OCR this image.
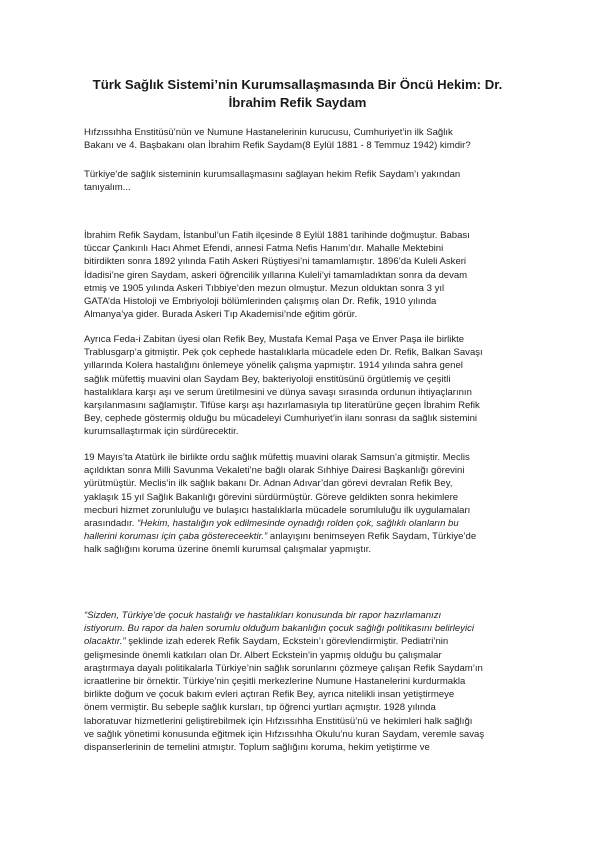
Türk Sağlık Sistemi’nin Kurumsallaşmasında Bir Öncü Hekim: Dr.
İbrahim Refik Saydam
Hıfzıssıhha Enstitüsü’nün ve Numune Hastanelerinin kurucusu, Cumhuriyet’in ilk Sağlık
Bakanı ve 4. Başbakanı olan İbrahim Refik Saydam(8 Eylül 1881 - 8 Temmuz 1942) kimdir?
Türkiye’de sağlık sisteminin kurumsallaşmasını sağlayan hekim Refik Saydam’ı yakından
tanıyalım...
İbrahim Refik Saydam, İstanbul’un Fatih ilçesinde 8 Eylül 1881 tarihinde doğmuştur. Babası
tüccar Çankırılı Hacı Ahmet Efendi, annesi Fatma Nefis Hanım’dır. Mahalle Mektebini
bitirdikten sonra 1892 yılında Fatih Askeri Rüştiyesi’ni tamamlamıştır. 1896’da Kuleli Askeri
İdadisi’ne giren Saydam, askeri öğrencilik yıllarına Kuleli’yi tamamladıktan sonra da devam
etmiş ve 1905 yılında Askeri Tıbbiye’den mezun olmuştur. Mezun olduktan sonra 3 yıl
GATA’da Histoloji ve Embriyoloji bölümlerinden çalışmış olan Dr. Refik, 1910 yılında
Almanya’ya gider. Burada Askeri Tıp Akademisi’nde eğitim görür.
Ayrıca Feda-i Zabitan üyesi olan Refik Bey, Mustafa Kemal Paşa ve Enver Paşa ile birlikte
Trablusgarp’a gitmiştir. Pek çok cephede hastalıklarla mücadele eden Dr. Refik, Balkan Savaşı
yıllarında Kolera hastalığını önlemeye yönelik çalışma yapmıştır. 1914 yılında sahra genel
sağlık müfettiş muavini olan Saydam Bey, bakteriyoloji enstitüsünü örgütlemiş ve çeşitli
hastalıklara karşı aşı ve serum üretilmesini ve dünya savaşı sırasında ordunun ihtiyaçlarının
karşılanmasını sağlamıştır. Tifüse karşı aşı hazırlamasıyla tıp literatürüne geçen İbrahim Refik
Bey, cephede göstermiş olduğu bu mücadeleyi Cumhuriyet’in ilanı sonrası da sağlık sistemini
kurumsallaştırmak için sürdürecektir.
19 Mayıs’ta Atatürk ile birlikte ordu sağlık müfettiş muavini olarak Samsun’a gitmiştir. Meclis
açıldıktan sonra Milli Savunma Vekaleti’ne bağlı olarak Sıhhiye Dairesi Başkanlığı görevini
yürütmüştür. Meclis’in ilk sağlık bakanı Dr. Adnan Adıvar’dan görevi devralan Refik Bey,
yaklaşık 15 yıl Sağlık Bakanlığı görevini sürdürmüştür. Göreve geldikten sonra hekimlere
mecburi hizmet zorunluluğu ve bulaşıcı hastalıklarla mücadele sorumluluğu ilk uygulamaları
arasındadır. “Hekim, hastalığın yok edilmesinde oynadığı rolden çok, sağlıklı olanların bu
hallerini koruması için çaba göstereceektir.” anlayışını benimseyen Refik Saydam, Türkiye’de
halk sağlığını koruma üzerine önemli kurumsal çalışmalar yapmıştır.
“Sizden, Türkiye’de çocuk hastalığı ve hastalıkları konusunda bir rapor hazırlamanızı
istiyorum. Bu rapor da halen sorumlu olduğum bakanlığın çocuk sağlığı politikasını belirleyici
olacaktır.” şeklinde izah ederek Refik Saydam, Eckstein’ı görevlendirmiştir. Pediatri’nin
gelişmesinde önemli katkıları olan Dr. Albert Eckstein’in yapmış olduğu bu çalışmalar
araştırmaya dayalı politikalarla Türkiye’nin sağlık sorunlarını çözmeye çalışan Refik Saydam’ın
icraatlerine bir örnektir. Türkiye’nin çeşitli merkezlerine Numune Hastanelerini kurdurmakla
birlikte doğum ve çocuk bakım evleri açtıran Refik Bey, ayrıca nitelikli insan yetiştirmeye
önem vermiştir. Bu sebeple sağlık kursları, tıp öğrenci yurtları açmıştır. 1928 yılında
laboratuvar hizmetlerini geliştirebilmek için Hıfzıssıhha Enstitüsü’nü ve hekimleri halk sağlığı
ve sağlık yönetimi konusunda eğitmek için Hıfzıssıhha Okulu’nu kuran Saydam, veremle savaş
dispanserlerinin de temelini atmıştır. Toplum sağlığını koruma, hekim yetiştirme ve
